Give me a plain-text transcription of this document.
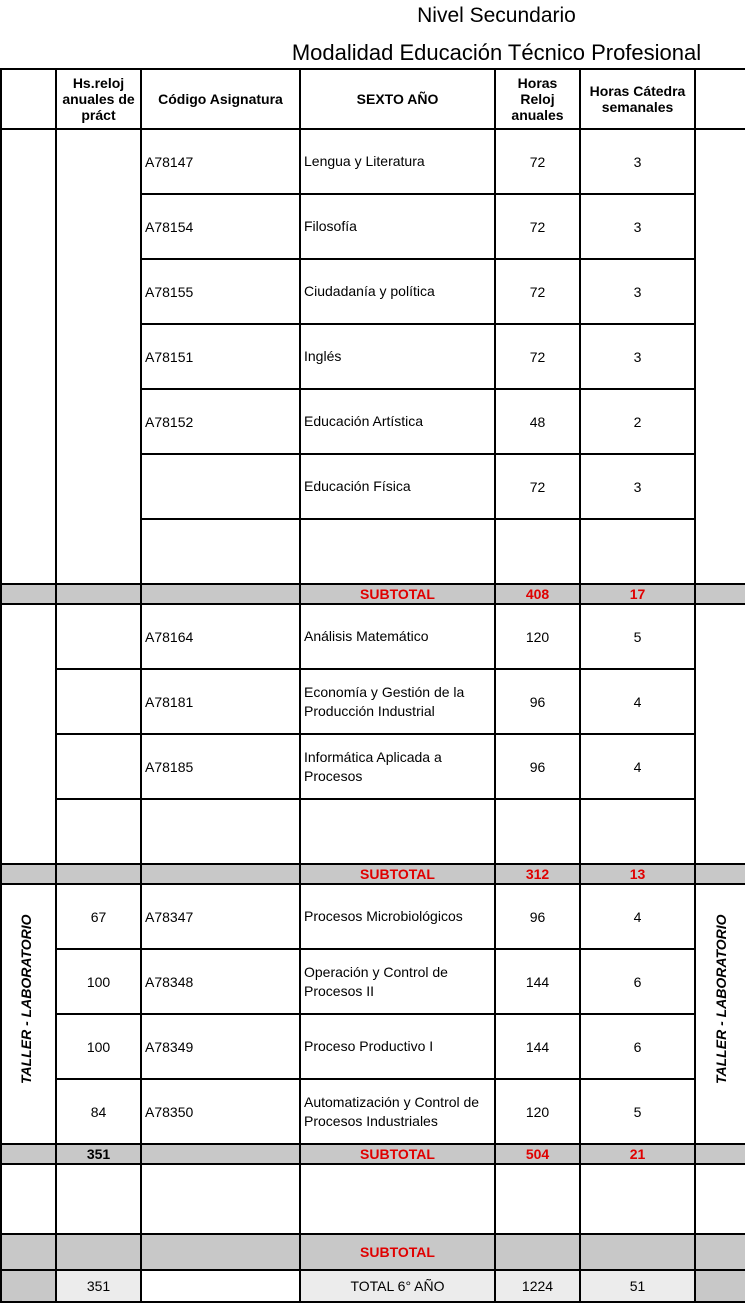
Nivel Secundario
Modalidad Educación Técnico Profesional
	Hs.reloj anuales de práct	Código Asignatura	SEXTO AÑO	Horas Reloj anuales	Horas Cátedra semanales	
		A78147	Lengua y Literatura	72	3	
		A78154	Filosofía	72	3	
		A78155	Ciudadanía y política	72	3	
		A78151	Inglés	72	3	
		A78152	Educación Artística	48	2	
			Educación Física	72	3	

			SUBTOTAL	408	17	
		A78164	Análisis Matemático	120	5	
		A78181	Economía y Gestión de la Producción Industrial	96	4	
		A78185	Informática Aplicada a Procesos	96	4	

			SUBTOTAL	312	13	
	67	A78347	Procesos Microbiológicos	96	4	
	100	A78348	Operación y Control de Procesos II	144	6	
	100	A78349	Proceso Productivo I	144	6	
	84	A78350	Automatización y Control de Procesos Industriales	120	5	
	351		SUBTOTAL	504	21	

			SUBTOTAL			
	351		TOTAL 6° AÑO	1224	51	
TALLER - LABORATORIO	TALLER - LABORATORIO
